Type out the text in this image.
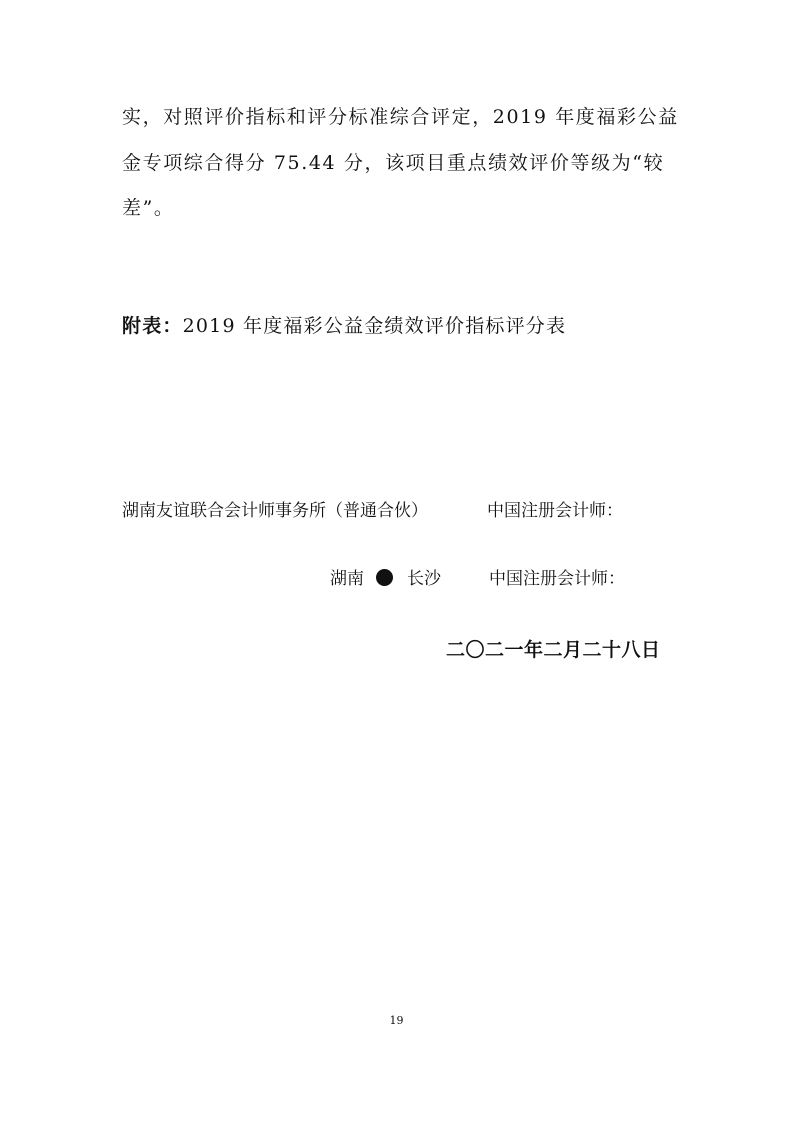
实，对照评价指标和评分标准综合评定，2019 年度福彩公益
金专项综合得分 75.44 分，该项目重点绩效评价等级为“较
差”。
附表：2019 年度福彩公益金绩效评价指标评分表
湖南友谊联合会计师事务所（普通合伙）	中国注册会计师：
湖南	长沙	中国注册会计师：
二〇二一年二月二十八日
19
